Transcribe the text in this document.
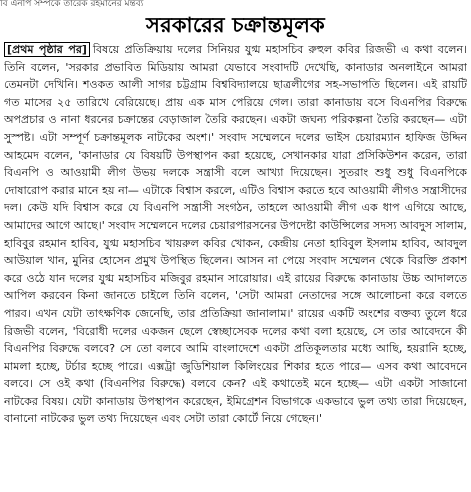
বি এনপি সম্পর্কে তারেক রহমানের মন্তব্য
সরকারের চক্রান্তমূলক
[প্রথম পৃষ্ঠার পর] বিষয়ে প্রতিক্রিয়ায় দলের সিনিয়র যুগ্ম মহাসচিব রুহুল কবির রিজভী এ কথা বলেন। তিনি বলেন, 'সরকার প্রভাবিত মিডিয়ায় আমরা যেভাবে সংবাদটি দেখেছি, কানাডার অনলাইনে আমরা তেমনটা দেখিনি। শওকত আলী সাগর চট্টগ্রাম বিশ্ববিদ্যালয়ে ছাত্রলীগের সহ-সভাপতি ছিলেন। এই রায়টি গত মাসের ২৫ তারিখে বেরিয়েছে। প্রায় এক মাস পেরিয়ে গেল। তারা কানাডায় বসে বিএনপির বিরুদ্ধে অপপ্রচার ও নানা ধরনের চক্রান্তের বেড়াজাল তৈরি করছেন। একটা জঘন্য পরিকল্পনা তৈরি করছেন— এটা সুস্পষ্ট। এটা সম্পূর্ণ চক্রান্তমূলক নাটকের অংশ।' সংবাদ সম্মেলনে দলের ভাইস চেয়ারম্যান হাফিজ উদ্দিন আহমেদ বলেন, 'কানাডার যে বিষয়টি উপস্থাপন করা হয়েছে, সেখানকার যারা প্রসিকিউশন করেন, তারা বিএনপি ও আওয়ামী লীগ উভয় দলকে সন্ত্রাসী বলে আখ্যা দিয়েছেন। সুতরাং শুধু শুধু বিএনপিকে দোষারোপ করার মানে হয় না— এটাকে বিশ্বাস করলে, এটিও বিশ্বাস করতে হবে আওয়ামী লীগও সন্ত্রাসীদের দল। কেউ যদি বিশ্বাস করে যে বিএনপি সন্ত্রাসী সংগঠন, তাহলে আওয়ামী লীগ এক ধাপ এগিয়ে আছে, আমাদের আগে আছে।' সংবাদ সম্মেলনে দলের চেয়ারপারসনের উপদেষ্টা কাউন্সিলের সদস্য আবদুস সালাম, হাবিবুর রহমান হাবিব, যুগ্ম মহাসচিব খায়রুল কবির খোকন, কেন্দ্রীয় নেতা হাবিবুল ইসলাম হাবিব, আবদুল আউয়াল খান, মুনির হোসেন প্রমুখ উপস্থিত ছিলেন। আসন না পেয়ে সংবাদ সম্মেলন থেকে বিরক্তি প্রকাশ করে ওঠে যান দলের যুগ্ম মহাসচিব মজিবুর রহমান সারোয়ার। এই রায়ের বিরুদ্ধে কানাডায় উচ্চ আদালতে আপিল করবেন কিনা জানতে চাইলে তিনি বলেন, 'সেটা আমরা নেতাদের সঙ্গে আলোচনা করে বলতে পারব। এখন যেটা তাৎক্ষণিক জেনেছি, তার প্রতিক্রিয়া জানালাম।' রায়ের একটি অংশের বক্তব্য তুলে ধরে রিজভী বলেন, 'বিরোধী দলের একজন ছেলে স্বেচ্ছাসেবক দলের কথা বলা হয়েছে, সে তার আবেদনে কী বিএনপির বিরুদ্ধে বলবে? সে তো বলবে আমি বাংলাদেশে একটা প্রতিকূলতার মধ্যে আছি, হয়রানি হচ্ছে, মামলা হচ্ছে, টর্চার হচ্ছে পারে। এক্সট্রা জুডিশিয়াল কিলিংয়ের শিকার হতে পারে— এসব কথা আবেদনে বলবে। সে ওই কথা (বিএনপির বিরুদ্ধে) বলবে কেন? এই কথাতেই মনে হচ্ছে— এটা একটা সাজানো নাটকের বিষয়। যেটা কানাডায় উপস্থাপন করেছেন, ইমিগ্রেশন বিভাগকে একভাবে ভুল তথ্য তারা দিয়েছেন, বানানো নাটকের ভুল তথ্য দিয়েছেন এবং সেটা তারা কোর্টে নিয়ে গেছেন।'
